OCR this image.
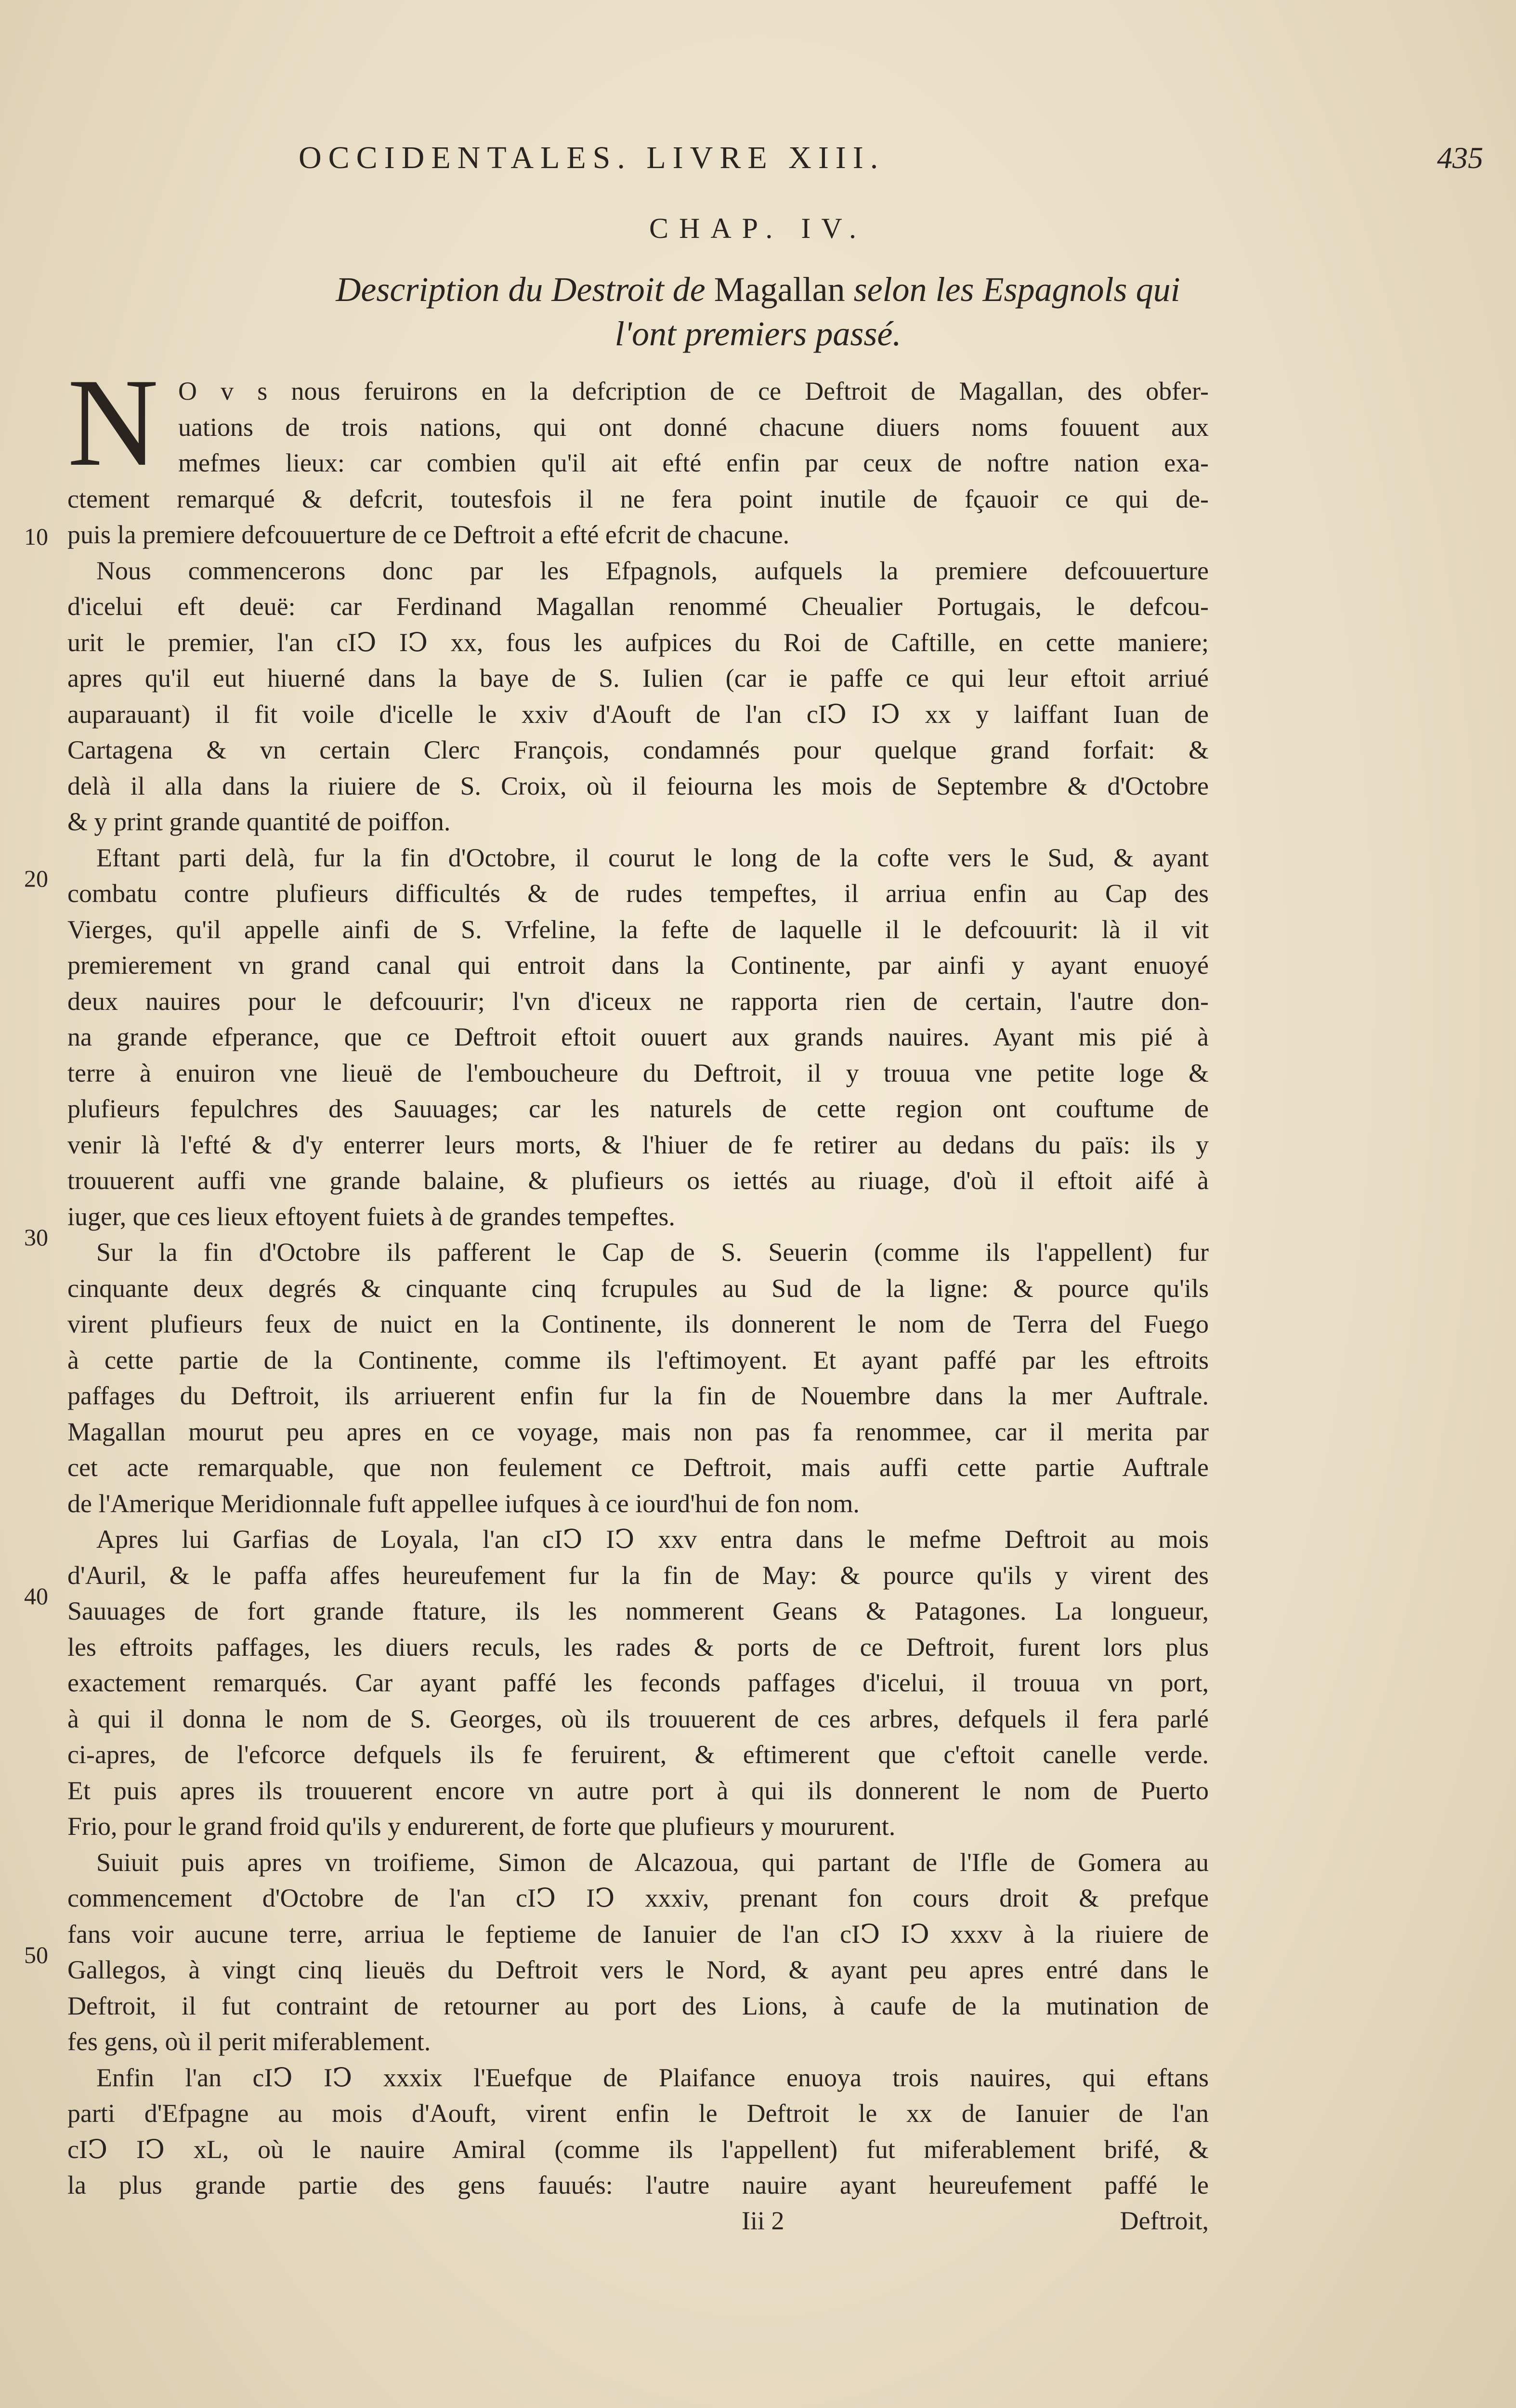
OCCIDENTALES. LIVRE XIII.	435
CHAP. IV.
Description du Destroit de Magallan selon les Espagnols qui
l'ont premiers passé.
N O v s nous feruirons en la defcription de ce Deftroit de Magallan, des obfer-
uations de trois nations, qui ont donné chacune diuers noms fouuent aux
mefmes lieux: car combien qu'il ait efté enfin par ceux de noftre nation exa-
ctement remarqué & defcrit, toutesfois il ne fera point inutile de fçauoir ce qui de-
puis la premiere defcouuerture de ce Deftroit a efté efcrit de chacune.
Nous commencerons donc par les Efpagnols, aufquels la premiere defcouuerture
d'icelui eft deuë: car Ferdinand Magallan renommé Cheualier Portugais, le defcou-
urit le premier, l'an cIↃ IↃ xx, fous les aufpices du Roi de Caftille, en cette maniere;
apres qu'il eut hiuerné dans la baye de S. Iulien (car ie paffe ce qui leur eftoit arriué
auparauant) il fit voile d'icelle le xxiv d'Aouft de l'an cIↃ IↃ xx y laiffant Iuan de
Cartagena & vn certain Clerc François, condamnés pour quelque grand forfait: &
delà il alla dans la riuiere de S. Croix, où il feiourna les mois de Septembre & d'Octobre
& y print grande quantité de poiffon.
Eftant parti delà, fur la fin d'Octobre, il courut le long de la cofte vers le Sud, & ayant
combatu contre plufieurs difficultés & de rudes tempeftes, il arriua enfin au Cap des
Vierges, qu'il appelle ainfi de S. Vrfeline, la fefte de laquelle il le defcouurit: là il vit
premierement vn grand canal qui entroit dans la Continente, par ainfi y ayant enuoyé
deux nauires pour le defcouurir; l'vn d'iceux ne rapporta rien de certain, l'autre don-
na grande efperance, que ce Deftroit eftoit ouuert aux grands nauires. Ayant mis pié à
terre à enuiron vne lieuë de l'embouchеure du Deftroit, il y trouua vne petite loge &
plufieurs fepulchres des Sauuages; car les naturels de cette region ont couftume de
venir là l'efté & d'y enterrer leurs morts, & l'hiuer de fe retirer au dedans du païs: ils y
trouuerent auffi vne grande balaine, & plufieurs os iettés au riuage, d'où il eftoit aifé à
iuger, que ces lieux eftoyent fuiets à de grandes tempeftes.
Sur la fin d'Octobre ils pafferent le Cap de S. Seuerin (comme ils l'appellent) fur
cinquante deux degrés & cinquante cinq fcrupules au Sud de la ligne: & pource qu'ils
virent plufieurs feux de nuict en la Continente, ils donnerent le nom de Terra del Fuego
à cette partie de la Continente, comme ils l'eftimoyent. Et ayant paffé par les eftroits
paffages du Deftroit, ils arriuerent enfin fur la fin de Nouembre dans la mer Auftrale.
Magallan mourut peu apres en ce voyage, mais non pas fa renommee, car il merita par
cet acte remarquable, que non feulement ce Deftroit, mais auffi cette partie Auftrale
de l'Amerique Meridionnale fuft appellee iufques à ce iourd'hui de fon nom.
Apres lui Garfias de Loyala, l'an cIↃ IↃ xxv entra dans le mefme Deftroit au mois
d'Auril, & le paffa affes heureufement fur la fin de May: & pource qu'ils y virent des
Sauuages de fort grande ftature, ils les nommerent Geans & Patagones. La longueur,
les eftroits paffages, les diuers reculs, les rades & ports de ce Deftroit, furent lors plus
exactement remarqués. Car ayant paffé les feconds paffages d'icelui, il trouua vn port,
à qui il donna le nom de S. Georges, où ils trouuerent de ces arbres, defquels il fera parlé
ci-apres, de l'efcorce defquels ils fe feruirent, & eftimerent que c'eftoit canelle verde.
Et puis apres ils trouuerent encore vn autre port à qui ils donnerent le nom de Puerto
Frio, pour le grand froid qu'ils y endurerent, de forte que plufieurs y moururent.
Suiuit puis apres vn troifieme, Simon de Alcazoua, qui partant de l'Ifle de Gomera au
commencement d'Octobre de l'an cIↃ IↃ xxxiv, prenant fon cours droit & prefque
fans voir aucune terre, arriua le feptieme de Ianuier de l'an cIↃ IↃ xxxv à la riuiere de
Gallegos, à vingt cinq lieuës du Deftroit vers le Nord, & ayant peu apres entré dans le
Deftroit, il fut contraint de retourner au port des Lions, à caufe de la mutination de
fes gens, où il perit miferablement.
Enfin l'an cIↃ IↃ xxxix l'Euefque de Plaifance enuoya trois nauires, qui eftans
parti d'Efpagne au mois d'Aouft, virent enfin le Deftroit le xx de Ianuier de l'an
cIↃ IↃ xL, où le nauire Amiral (comme ils l'appellent) fut miferablement brifé, &
la plus grande partie des gens fauués: l'autre nauire ayant heureufement paffé le
10
20
30
40
50
Iii 2	Deftroit,
